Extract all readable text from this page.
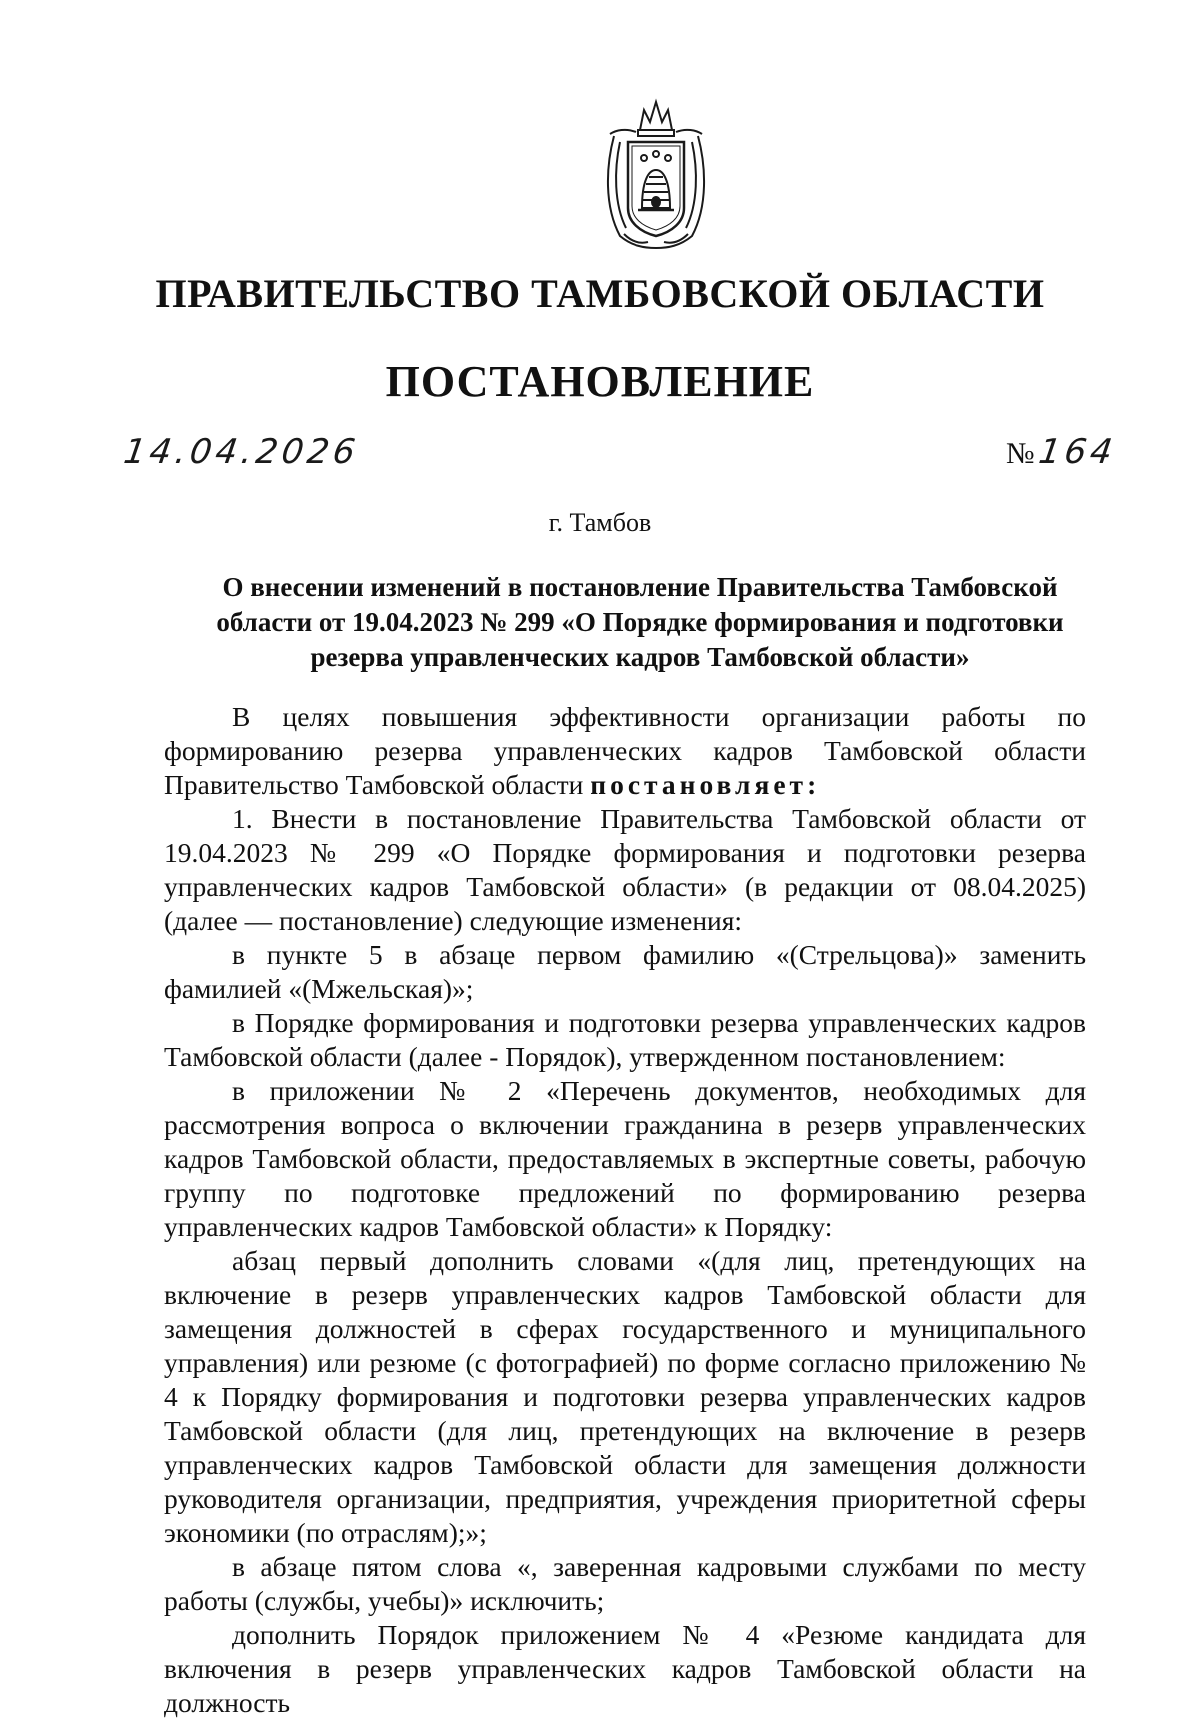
ПРАВИТЕЛЬСТВО ТАМБОВСКОЙ ОБЛАСТИ
ПОСТАНОВЛЕНИЕ
14.04.2026	№164
г. Тамбов
О внесении изменений в постановление Правительства Тамбовской
области от 19.04.2023 № 299 «О Порядке формирования и подготовки
резерва управленческих кадров Тамбовской области»

В целях повышения эффективности организации работы по формированию резерва управленческих кадров Тамбовской области Правительство Тамбовской области постановляет:

1. Внести в постановление Правительства Тамбовской области от 19.04.2023 № 299 «О Порядке формирования и подготовки резерва управленческих кадров Тамбовской области» (в редакции от 08.04.2025) (далее — постановление) следующие изменения:

в пункте 5 в абзаце первом фамилию «(Стрельцова)» заменить фамилией «(Мжельская)»;

в Порядке формирования и подготовки резерва управленческих кадров Тамбовской области (далее - Порядок), утвержденном постановлением:

в приложении № 2 «Перечень документов, необходимых для рассмотрения вопроса о включении гражданина в резерв управленческих кадров Тамбовской области, предоставляемых в экспертные советы, рабочую группу по подготовке предложений по формированию резерва управленческих кадров Тамбовской области» к Порядку:

абзац первый дополнить словами «(для лиц, претендующих на включение в резерв управленческих кадров Тамбовской области для замещения должностей в сферах государственного и муниципального управления) или резюме (с фотографией) по форме согласно приложению № 4 к Порядку формирования и подготовки резерва управленческих кадров Тамбовской области (для лиц, претендующих на включение в резерв управленческих кадров Тамбовской области для замещения должности руководителя организации, предприятия, учреждения приоритетной сферы экономики (по отраслям);»;

в абзаце пятом слова «, заверенная кадровыми службами по месту работы (службы, учебы)» исключить;

дополнить Порядок приложением № 4 «Резюме кандидата для включения в резерв управленческих кадров Тамбовской области на должность
